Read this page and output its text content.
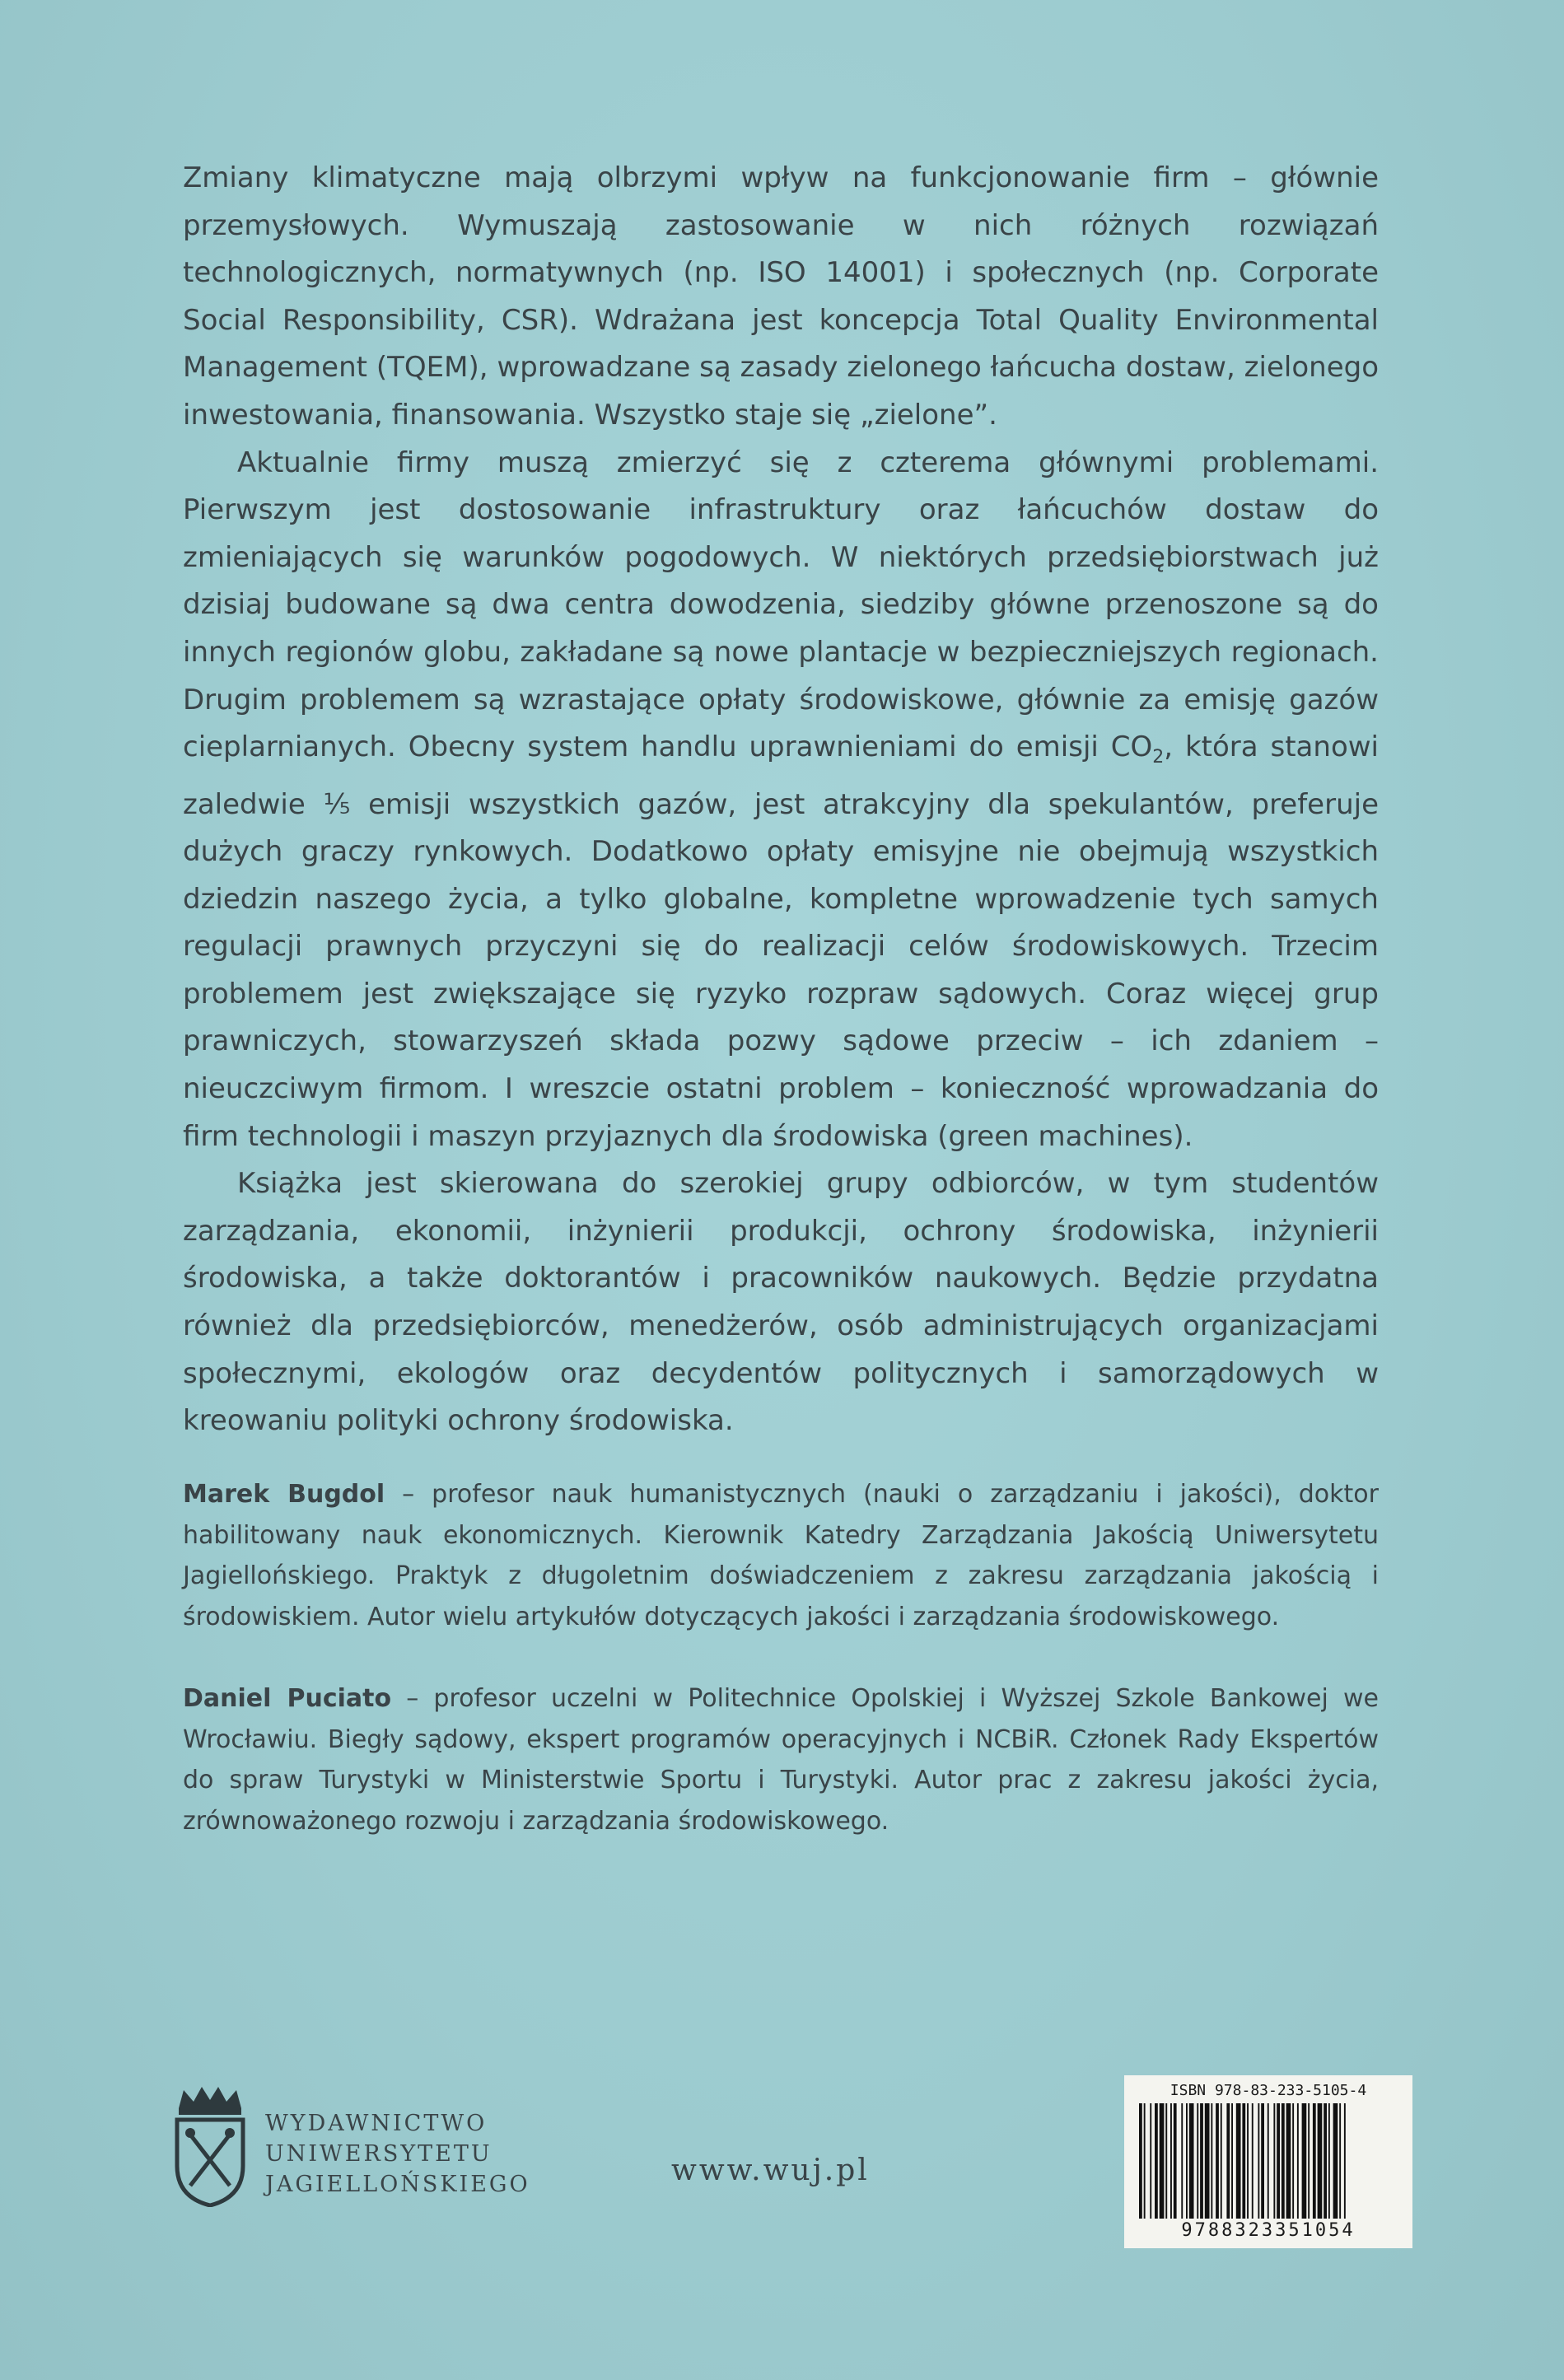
Zmiany klimatyczne mają olbrzymi wpływ na funkcjonowanie firm – głównie przemysłowych. Wymuszają zastosowanie w nich różnych rozwiązań technologicznych, normatywnych (np. ISO 14001) i społecznych (np. Corporate Social Responsibility, CSR). Wdrażana jest koncepcja Total Quality Environmental Management (TQEM), wprowadzane są zasady zielonego łańcucha dostaw, zielonego inwestowania, finansowania. Wszystko staje się „zielone”.

Aktualnie firmy muszą zmierzyć się z czterema głównymi problemami. Pierwszym jest dostosowanie infrastruktury oraz łańcuchów dostaw do zmieniających się warunków pogodowych. W niektórych przedsiębiorstwach już dzisiaj budowane są dwa centra dowodzenia, siedziby główne przenoszone są do innych regionów globu, zakładane są nowe plantacje w bezpieczniejszych regionach. Drugim problemem są wzrastające opłaty środowiskowe, głównie za emisję gazów cieplarnianych. Obecny system handlu uprawnieniami do emisji $CO_2$, która stanowi zaledwie ⅕ emisji wszystkich gazów, jest atrakcyjny dla spekulantów, preferuje dużych graczy rynkowych. Dodatkowo opłaty emisyjne nie obejmują wszystkich dziedzin naszego życia, a tylko globalne, kompletne wprowadzenie tych samych regulacji prawnych przyczyni się do realizacji celów środowiskowych. Trzecim problemem jest zwiększające się ryzyko rozpraw sądowych. Coraz więcej grup prawniczych, stowarzyszeń składa pozwy sądowe przeciw – ich zdaniem – nieuczciwym firmom. I wreszcie ostatni problem – konieczność wprowadzania do firm technologii i maszyn przyjaznych dla środowiska (green machines).

Książka jest skierowana do szerokiej grupy odbiorców, w tym studentów zarządzania, ekonomii, inżynierii produkcji, ochrony środowiska, inżynierii środowiska, a także doktorantów i pracowników naukowych. Będzie przydatna również dla przedsiębiorców, menedżerów, osób administrujących organizacjami społecznymi, ekologów oraz decydentów politycznych i samorządowych w kreowaniu polityki ochrony środowiska.

Marek Bugdol – profesor nauk humanistycznych (nauki o zarządzaniu i jakości), doktor habilitowany nauk ekonomicznych. Kierownik Katedry Zarządzania Jakością Uniwersytetu Jagiellońskiego. Praktyk z długoletnim doświadczeniem z zakresu zarządzania jakością i środowiskiem. Autor wielu artykułów dotyczących jakości i zarządzania środowiskowego.

Daniel Puciato – profesor uczelni w Politechnice Opolskiej i Wyższej Szkole Bankowej we Wrocławiu. Biegły sądowy, ekspert programów operacyjnych i NCBiR. Członek Rady Ekspertów do spraw Turystyki w Ministerstwie Sportu i Turystyki. Autor prac z zakresu jakości życia, zrównoważonego rozwoju i zarządzania środowiskowego.

WYDAWNICTWO
UNIWERSYTETU
JAGIELLOŃSKIEGO	www.wuj.pl
ISBN 978-83-233-5105-4
9788323351054
